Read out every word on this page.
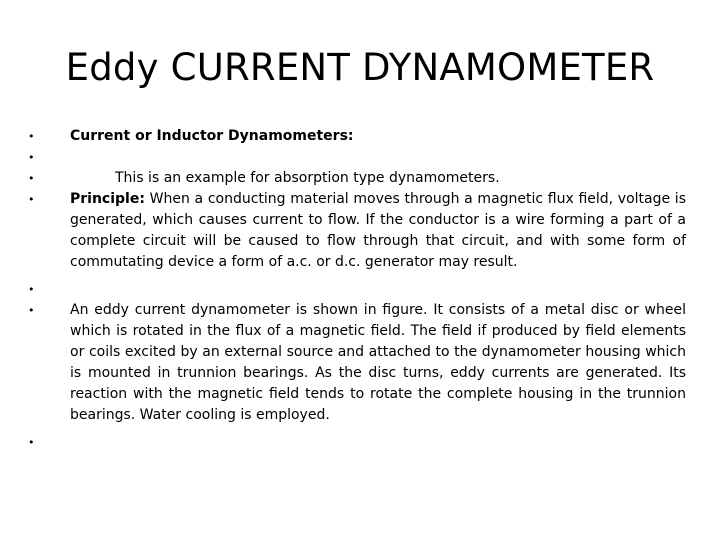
Eddy CURRENT DYNAMOMETER
•	Current or Inductor Dynamometers:
•
•	This is an example for absorption type dynamometers.
•	Principle: When a conducting material moves through a magnetic flux field, voltage is generated, which causes current to flow. If the conductor is a wire forming a part of a complete circuit will be caused to flow through that circuit, and with some form of commutating device a form of a.c. or d.c. generator may result.
•
•	An eddy current dynamometer is shown in figure. It consists of a metal disc or wheel which is rotated in the flux of a magnetic field. The field if produced by field elements or coils excited by an external source and attached to the dynamometer housing which is mounted in trunnion bearings. As the disc turns, eddy currents are generated. Its reaction with the magnetic field tends to rotate the complete housing in the trunnion bearings. Water cooling is employed.
•
